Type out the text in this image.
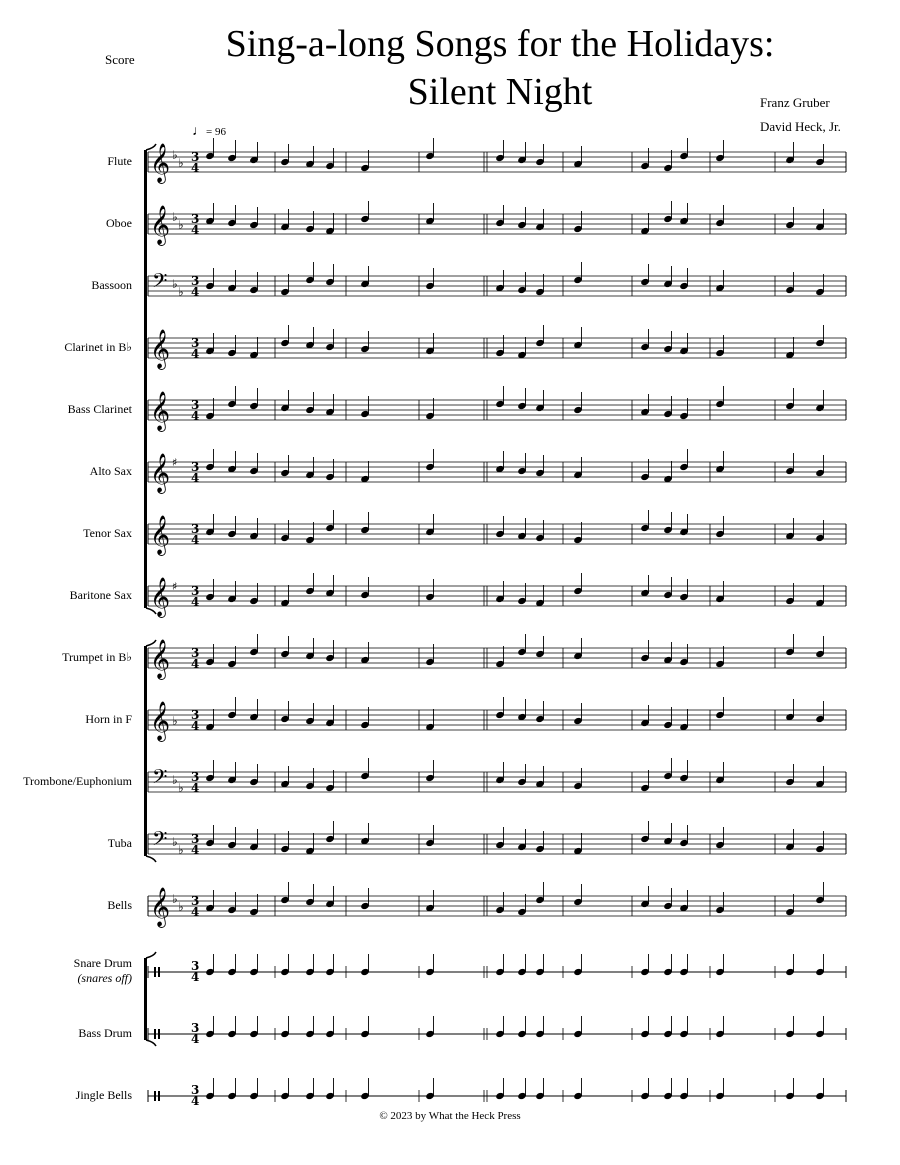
Score	Sing-a-long Songs for the Holidays:
Silent Night	Franz Gruber
David Heck, Jr.
♩= 96
Flute
Oboe
Bassoon
Clarinet in B♭
Bass Clarinet
Alto Sax
Tenor Sax
Baritone Sax
Trumpet in B♭
Horn in F
Trombone/Euphonium
Tuba
Bells
Snare Drum
(snares off)
Bass Drum
Jingle Bells
𝄞 ♭
♭ 3
4
𝄞 ♭
♭ 3
4
𝄢 ♭
♭
3
4
𝄞 3
4
𝄞 3
4
𝄞 ♯ 3
4
𝄞 3
4
𝄞 ♯ 3
4
𝄞 3
4
𝄞 ♭ 3
4
𝄢 ♭
♭
3
4
𝄢 ♭
♭
3
4
𝄞 ♭
♭ 3
4
3
4
3
4
3
4
© 2023 by What the Heck Press
